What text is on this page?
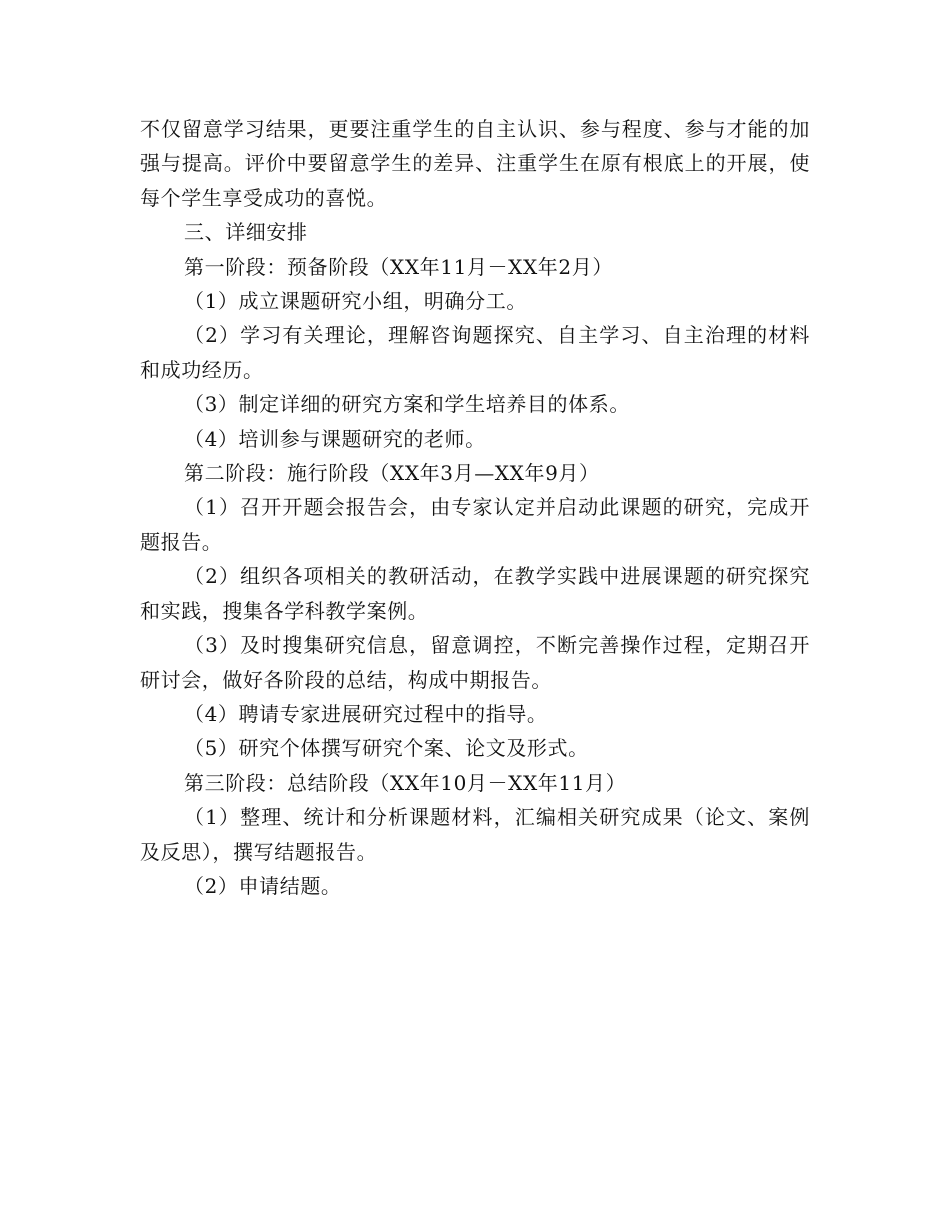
不仅留意学习结果，更要注重学生的自主认识、参与程度、参与才能的加强与提高。评价中要留意学生的差异、注重学生在原有根底上的开展，使每个学生享受成功的喜悦。

三、详细安排

第一阶段：预备阶段（XX年11月－XX年2月）

（1）成立课题研究小组，明确分工。

（2）学习有关理论，理解咨询题探究、自主学习、自主治理的材料和成功经历。

（3）制定详细的研究方案和学生培养目的体系。

（4）培训参与课题研究的老师。

第二阶段：施行阶段（XX年3月—XX年9月）

（1）召开开题会报告会，由专家认定并启动此课题的研究，完成开题报告。

（2）组织各项相关的教研活动，在教学实践中进展课题的研究探究和实践，搜集各学科教学案例。

（3）及时搜集研究信息，留意调控，不断完善操作过程，定期召开研讨会，做好各阶段的总结，构成中期报告。

（4）聘请专家进展研究过程中的指导。

（5）研究个体撰写研究个案、论文及形式。

第三阶段：总结阶段（XX年10月－XX年11月）

（1）整理、统计和分析课题材料，汇编相关研究成果（论文、案例及反思），撰写结题报告。

（2）申请结题。
